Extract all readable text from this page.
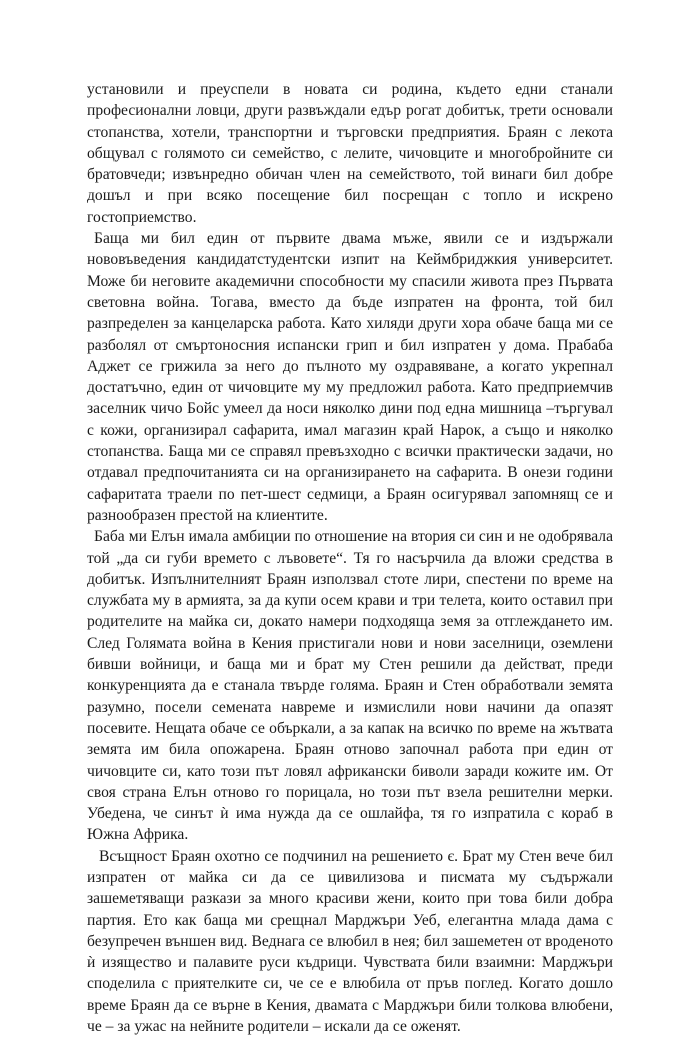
установили и преуспели в новата си родина, където едни станали професионални ловци, други развъждали едър рогат добитък, трети основали стопанства, хотели, транспортни и търговски предприятия. Браян с лекота общувал с голямото си семейство, с лелите, чичовците и многобройните си братовчеди; извънредно обичан член на семейството, той винаги бил добре дошъл и при всяко посещение бил посрещан с топло и искрено гостоприемство.

Баща ми бил един от първите двама мъже, явили се и издържали нововъведения кандидатстудентски изпит на Кеймбриджкия университет. Може би неговите академични способности му спасили живота през Първата световна война. Тогава, вместо да бъде изпратен на фронта, той бил разпределен за канцеларска работа. Като хиляди други хора обаче баща ми се разболял от смъртоносния испански грип и бил изпратен у дома. Прабаба Аджет се грижила за него до пълното му оздравяване, а когато укрепнал достатъчно, един от чичовците му му предложил работа. Като предприемчив заселник чичо Бойс умеел да носи няколко дини под една мишница –търгувал с кожи, организирал сафарита, имал магазин край Нарок, а също и няколко стопанства. Баща ми се справял превъзходно с всички практически задачи, но отдавал предпочитанията си на организирането на сафарита. В онези години сафаритата траели по пет-шест седмици, а Браян осигурявал запомнящ се и разнообразен престой на клиентите.

Баба ми Елън имала амбиции по отношение на втория си син и не одобрявала той „да си губи времето с лъвовете“. Тя го насърчила да вложи средства в добитък. Изпълнителният Браян използвал стоте лири, спестени по време на службата му в армията, за да купи осем крави и три телета, които оставил при родителите на майка си, докато намери подходяща земя за отглеждането им. След Голямата война в Кения пристигали нови и нови заселници, оземлени бивши войници, и бащa ми и брат му Стен решили да действат, преди конкуренцията да е станала твърде голяма. Браян и Стен обработвали земята разумно, посели семената навреме и измислили нови начини да опазят посевите. Нещата обаче се объркали, а за капак на всичко по време на жътвата земята им била опожарена. Браян отново започнал работа при един от чичовците си, като този път ловял африкански биволи заради кожите им. От своя страна Елън отново го порицала, но този път взела решителни мерки. Убедена, че синът ѝ има нужда да се ошлайфа, тя го изпратила с кораб в Южна Африка.

Всъщност Браян охотно се подчинил на решението є. Брат му Стен вече бил изпратен от майка си да се цивилизова и писмата му съдържали зашеметяващи разкази за много красиви жени, които при това били добра партия. Ето как баща ми срещнал Марджъри Уеб, елегантна млада дама с безупречен външен вид. Веднага се влюбил в нея; бил зашеметен от вроденото ѝ изящество и палавите руси къдрици. Чувствата били взаимни: Марджъри споделила с приятелките си, че се е влюбила от пръв поглед. Когато дошло време Браян да се върне в Кения, двамата с Марджъри били толкова влюбени, че – за ужас на нейните родители – искали да се оженят.
